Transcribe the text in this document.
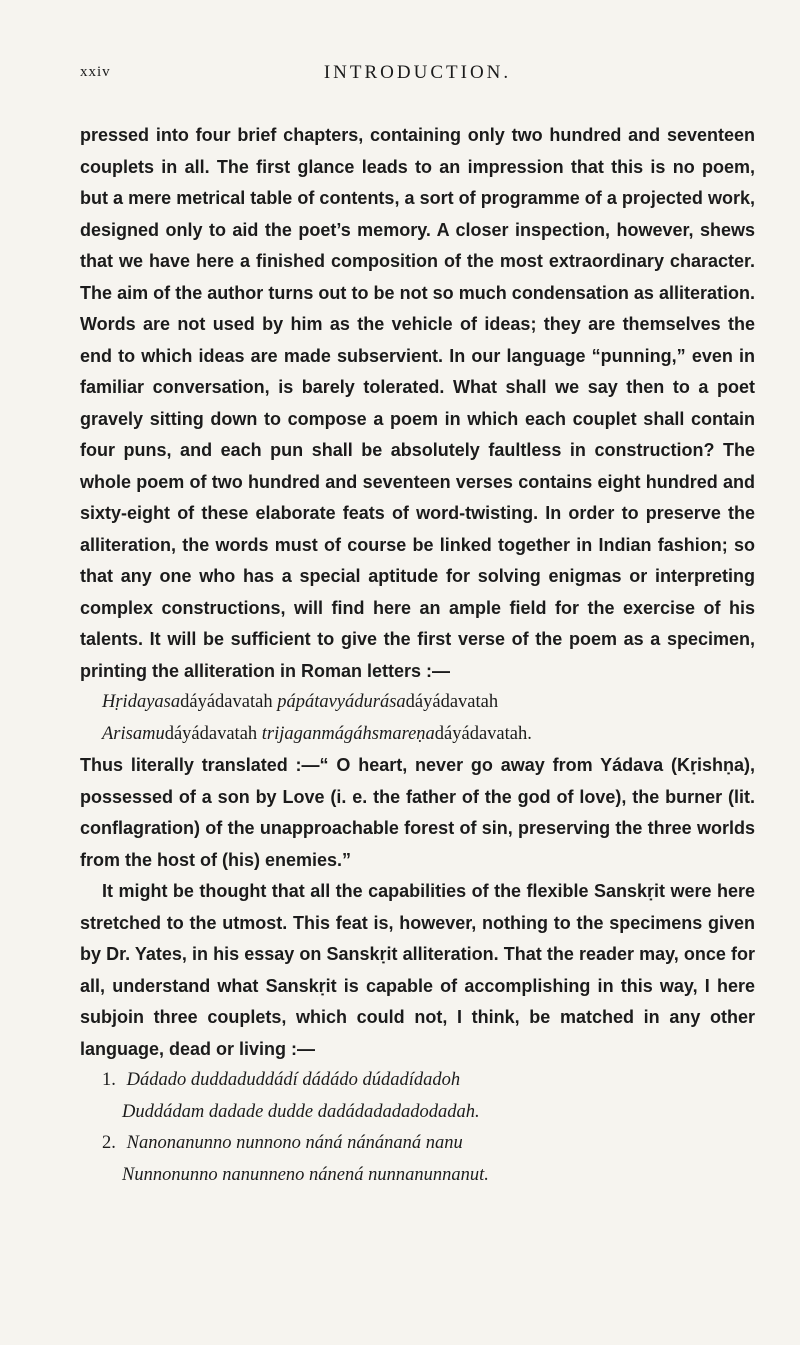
xxiv	INTRODUCTION.

pressed into four brief chapters, containing only two hundred and seventeen couplets in all. The first glance leads to an impression that this is no poem, but a mere metrical table of contents, a sort of programme of a projected work, designed only to aid the poet’s memory. A closer inspection, however, shews that we have here a finished composition of the most extraordinary character. The aim of the author turns out to be not so much condensation as alliteration. Words are not used by him as the vehicle of ideas; they are themselves the end to which ideas are made subservient. In our language “punning,” even in familiar conversation, is barely tolerated. What shall we say then to a poet gravely sitting down to compose a poem in which each couplet shall contain four puns, and each pun shall be absolutely faultless in construction? The whole poem of two hundred and seventeen verses contains eight hundred and sixty-eight of these elaborate feats of word-twisting. In order to preserve the alliteration, the words must of course be linked together in Indian fashion; so that any one who has a special aptitude for solving enigmas or interpreting complex constructions, will find here an ample field for the exercise of his talents. It will be sufficient to give the first verse of the poem as a specimen, printing the alliteration in Roman letters :—

Hṛidayasadáyádavatah pápátavyádurásadáyádavatah

Arisamudáyádavatah trijaganmágáhsmareṇadáyádavatah.

Thus literally translated :—“ O heart, never go away from Yádava (Kṛishṇa), possessed of a son by Love (i. e. the father of the god of love), the burner (lit. conflagration) of the unapproachable forest of sin, preserving the three worlds from the host of (his) enemies.”

It might be thought that all the capabilities of the flexible Sanskṛit were here stretched to the utmost. This feat is, however, nothing to the specimens given by Dr. Yates, in his essay on Sanskṛit alliteration. That the reader may, once for all, understand what Sanskṛit is capable of accomplishing in this way, I here subjoin three couplets, which could not, I think, be matched in any other language, dead or living :—

1. Dádado duddaduddádí dádádo dúdadídadoh

Duddádam dadade dudde dadádadadadodadah.

2. Nanonanunno nunnono náná nánánaná nanu

Nunnonunno nanunneno nánená nunnanunnanut.
